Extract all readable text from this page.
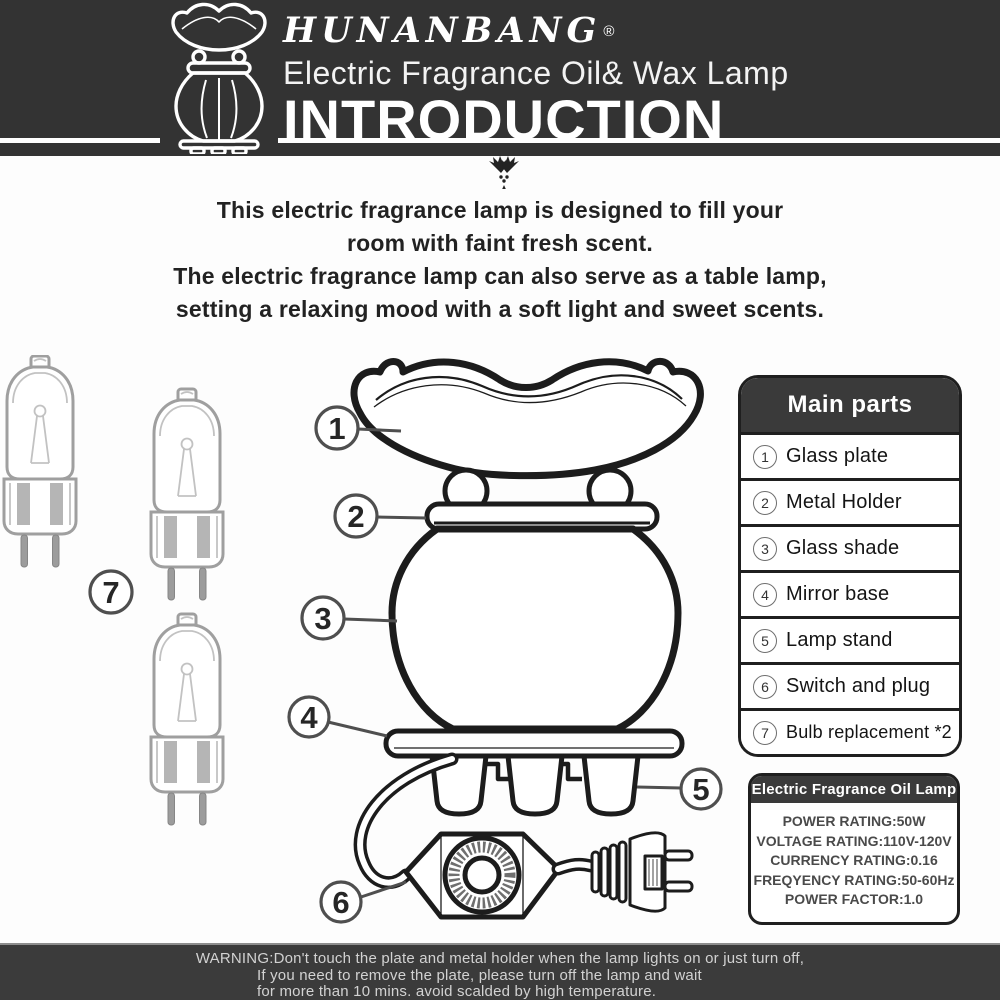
HUNANBANG ®
Electric Fragrance Oil& Wax Lamp
INTRODUCTION
This electric fragrance lamp is designed to fill your
room with faint fresh scent.
The electric fragrance lamp can also serve as a table lamp,
setting a relaxing mood with a soft light and sweet scents.
1
2
3
4
5
6
7
Main parts
1 Glass plate
2 Metal Holder
3 Glass shade
4 Mirror base
5 Lamp stand
6 Switch and plug
7 Bulb replacement *2
Electric Fragrance Oil Lamp
POWER RATING:50W
VOLTAGE RATING:110V-120V
CURRENCY RATING:0.16
FREQYENCY RATING:50-60Hz
POWER FACTOR:1.0
WARNING:Don't touch the plate and metal holder when the lamp lights on or just turn off,
If you need to remove the plate, please turn off the lamp and wait
for more than 10 mins. avoid scalded by high temperature.
